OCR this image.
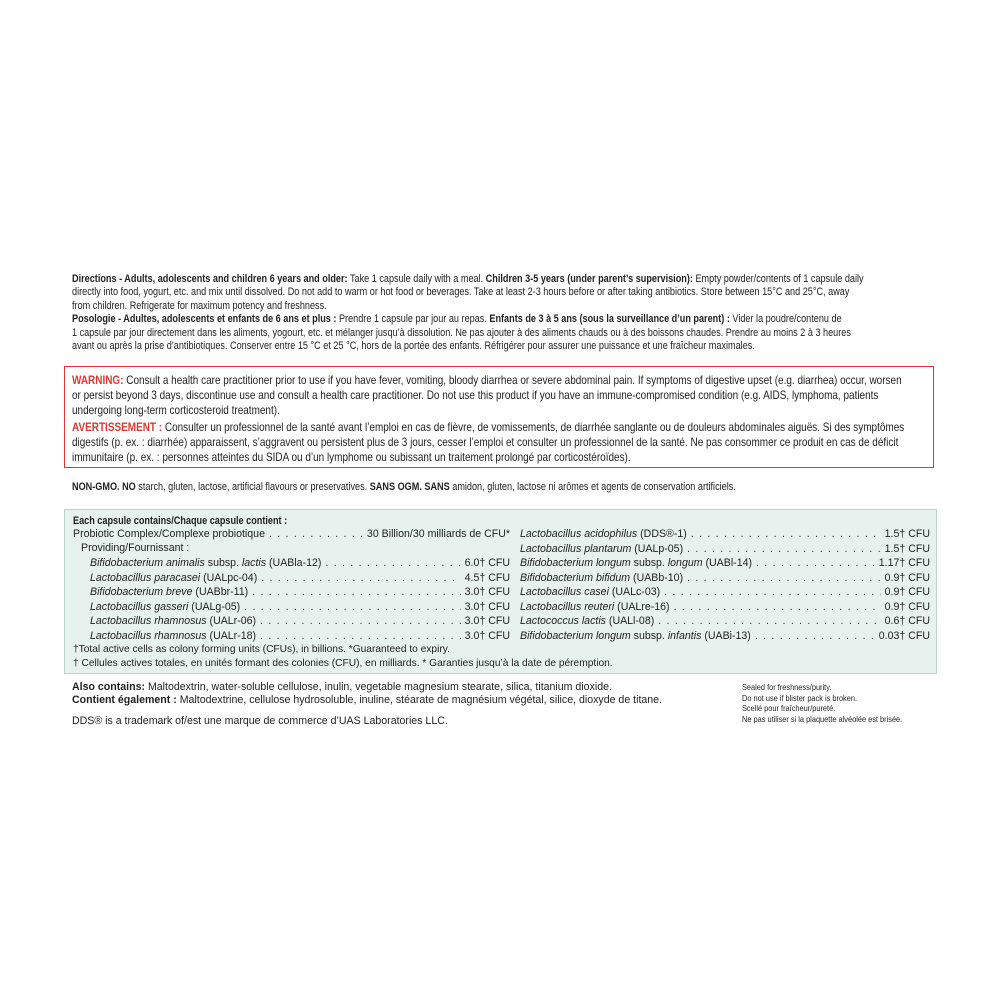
Directions - Adults, adolescents and children 6 years and older: Take 1 capsule daily with a meal. Children 3-5 years (under parent’s supervision): Empty powder/contents of 1 capsule daily

directly into food, yogurt, etc. and mix until dissolved. Do not add to warm or hot food or beverages. Take at least 2-3 hours before or after taking antibiotics. Store between 15°C and 25°C, away

from children. Refrigerate for maximum potency and freshness.

Posologie - Adultes, adolescents et enfants de 6 ans et plus : Prendre 1 capsule par jour au repas. Enfants de 3 à 5 ans (sous la surveillance d’un parent) : Vider la poudre/contenu de

1 capsule par jour directement dans les aliments, yogourt, etc. et mélanger jusqu’à dissolution. Ne pas ajouter à des aliments chauds ou à des boissons chaudes. Prendre au moins 2 à 3 heures

avant ou après la prise d’antibiotiques. Conserver entre 15 °C et 25 °C, hors de la portée des enfants. Réfrigérer pour assurer une puissance et une fraîcheur maximales.

WARNING: Consult a health care practitioner prior to use if you have fever, vomiting, bloody diarrhea or severe abdominal pain. If symptoms of digestive upset (e.g. diarrhea) occur, worsen

or persist beyond 3 days, discontinue use and consult a health care practitioner. Do not use this product if you have an immune-compromised condition (e.g. AIDS, lymphoma, patients

undergoing long-term corticosteroid treatment).

AVERTISSEMENT : Consulter un professionnel de la santé avant l’emploi en cas de fièvre, de vomissements, de diarrhée sanglante ou de douleurs abdominales aiguës. Si des symptômes

digestifs (p. ex. : diarrhée) apparaissent, s’aggravent ou persistent plus de 3 jours, cesser l’emploi et consulter un professionnel de la santé. Ne pas consommer ce produit en cas de déficit

immunitaire (p. ex. : personnes atteintes du SIDA ou d’un lymphome ou subissant un traitement prolongé par corticostéroïdes).

NON-GMO. NO starch, gluten, lactose, artificial flavours or preservatives. SANS OGM. SANS amidon, gluten, lactose ni arômes et agents de conservation artificiels.

Each capsule contains/Chaque capsule contient :
Probiotic Complex/Complexe probiotique . . .	30 Billion/30 milliards de CFU*
Providing/Fournissant :
†Total active cells as colony forming units (CFUs), in billions. *Guaranteed to expiry.
† Cellules actives totales, en unités formant des colonies (CFU), en milliards. * Garanties jusqu’à la date de péremption.
Bifidobacterium animalis subsp. lactis (UABla-12) . . .	6.0† CFU
Lactobacillus paracasei (UALpc-04) . . .	4.5† CFU
Bifidobacterium breve (UABbr-11) . . .	3.0† CFU
Lactobacillus gasseri (UALg-05) . . .	3.0† CFU
Lactobacillus rhamnosus (UALr-06) . . .	3.0† CFU
Lactobacillus rhamnosus (UALr-18) . . .	3.0† CFU
Lactobacillus acidophilus (DDS®-1) . . .	1.5† CFU
Lactobacillus plantarum (UALp-05) . . .	1.5† CFU
Bifidobacterium longum subsp. longum (UABl-14) . . .	1.17† CFU
Bifidobacterium bifidum (UABb-10) . . .	0.9† CFU
Lactobacillus casei (UALc-03) . . .	0.9† CFU
Lactobacillus reuteri (UALre-16) . . .	0.9† CFU
Lactococcus lactis (UALl-08) . . .	0.6† CFU
Bifidobacterium longum subsp. infantis (UABi-13) . . .	0.03† CFU

Also contains: Maltodextrin, water-soluble cellulose, inulin, vegetable magnesium stearate, silica, titanium dioxide.

Contient également : Maltodextrine, cellulose hydrosoluble, inuline, stéarate de magnésium végétal, silice, dioxyde de titane.

Sealed for freshness/purity.

Do not use if blister pack is broken.

Scellé pour fraîcheur/pureté.

Ne pas utiliser si la plaquette alvéolée est brisée.

DDS® is a trademark of/est une marque de commerce d’UAS Laboratories LLC.
